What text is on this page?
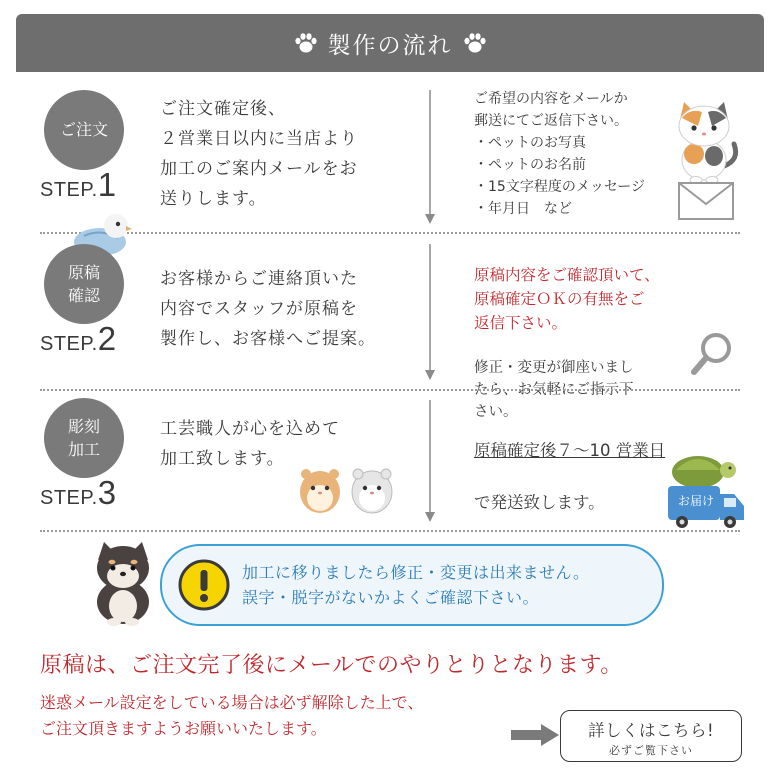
製作の流れ
ご注文
STEP.1
ご注文確定後、
２営業日以内に当店より
加工のご案内メールをお
送りします。
ご希望の内容をメールか
郵送にてご返信下さい。
・ペットのお写真
・ペットのお名前
・15文字程度のメッセージ
・年月日　など
原稿
確認
STEP.2
お客様からご連絡頂いた
内容でスタッフが原稿を
製作し、お客様へご提案。

原稿内容をご確認頂いて、
原稿確定ＯＫの有無をご
返信下さい。

修正・変更が御座いまし
たら、お気軽にご指示下
さい。

彫刻
加工
STEP.3
工芸職人が心を込めて
加工致します。	原稿確定後７～10 営業日

で発送致します。	お届け
加工に移りましたら修正・変更は出来ません。
誤字・脱字がないかよくご確認下さい。
原稿は、ご注文完了後にメールでのやりとりとなります。
迷惑メール設定をしている場合は必ず解除した上で、
ご注文頂きますようお願いいたします。	詳しくはこちら!
必ずご覧下さい
